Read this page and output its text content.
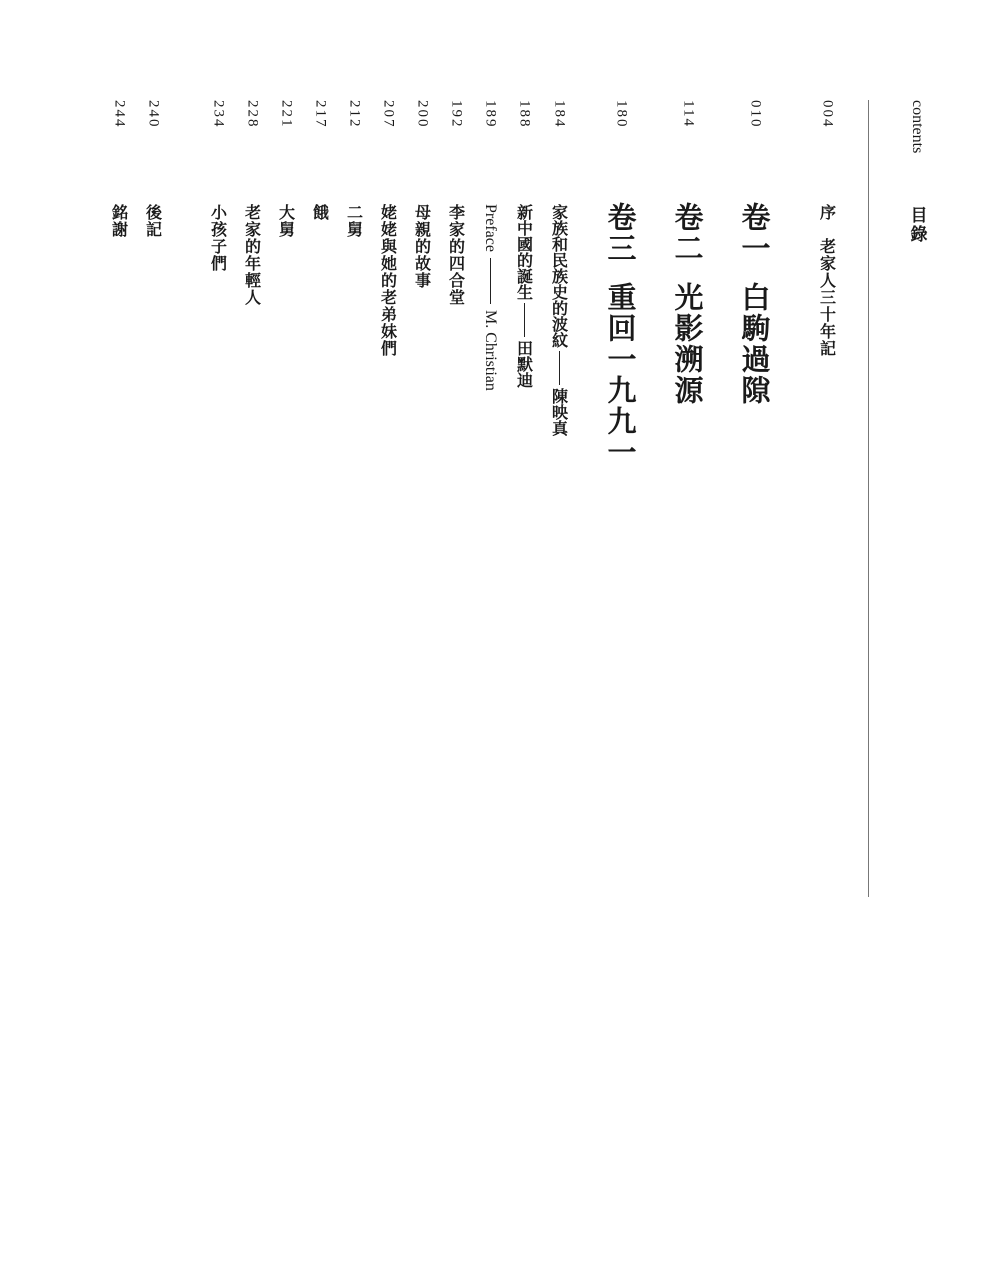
contents
目錄
004
序　老家人三十年記
010
卷一
白駒過隙
114
卷二
光影溯源
180
卷三
重回一九九一
184
家族和民族史的波紋
陳映真
188
新中國的誕生
田默迪
189
Preface
M. Christian
192
李家的四合堂
200
母親的故事
207
姥姥與她的老弟妹們
212
二舅
217
餓
221
大舅
228
老家的年輕人
234
小孩子們
240
後記
244
銘謝
